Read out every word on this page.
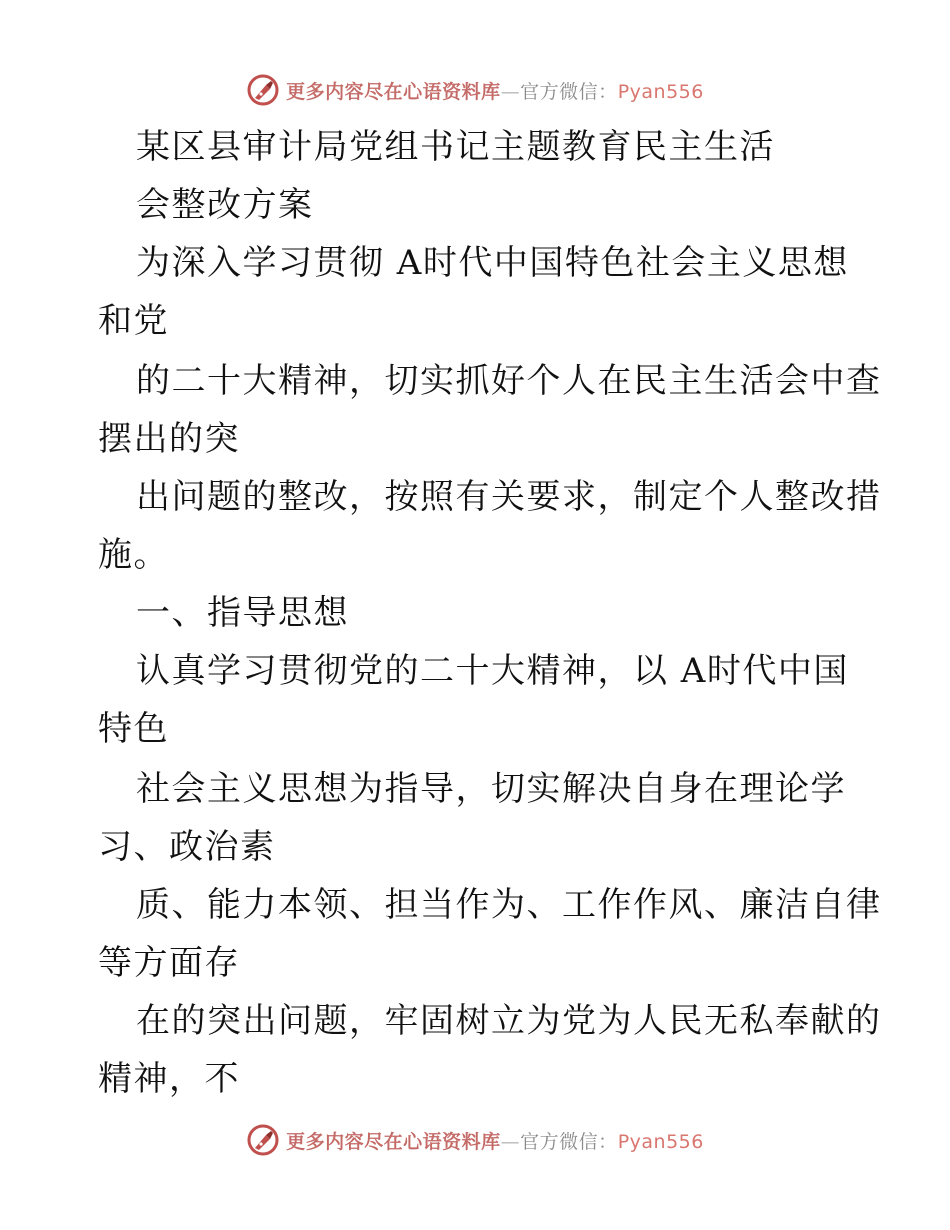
更多内容尽在心语资料库—官方微信：Pyan556
某区县审计局党组书记主题教育民主生活
会整改方案
为深入学习贯彻 A时代中国特色社会主义思想
和党
的二十大精神，切实抓好个人在民主生活会中查
摆出的突
出问题的整改，按照有关要求，制定个人整改措
施。
一、指导思想
认真学习贯彻党的二十大精神，以 A时代中国
特色
社会主义思想为指导，切实解决自身在理论学
习、政治素
质、能力本领、担当作为、工作作风、廉洁自律
等方面存
在的突出问题，牢固树立为党为人民无私奉献的
精神，不
更多内容尽在心语资料库—官方微信：Pyan556
